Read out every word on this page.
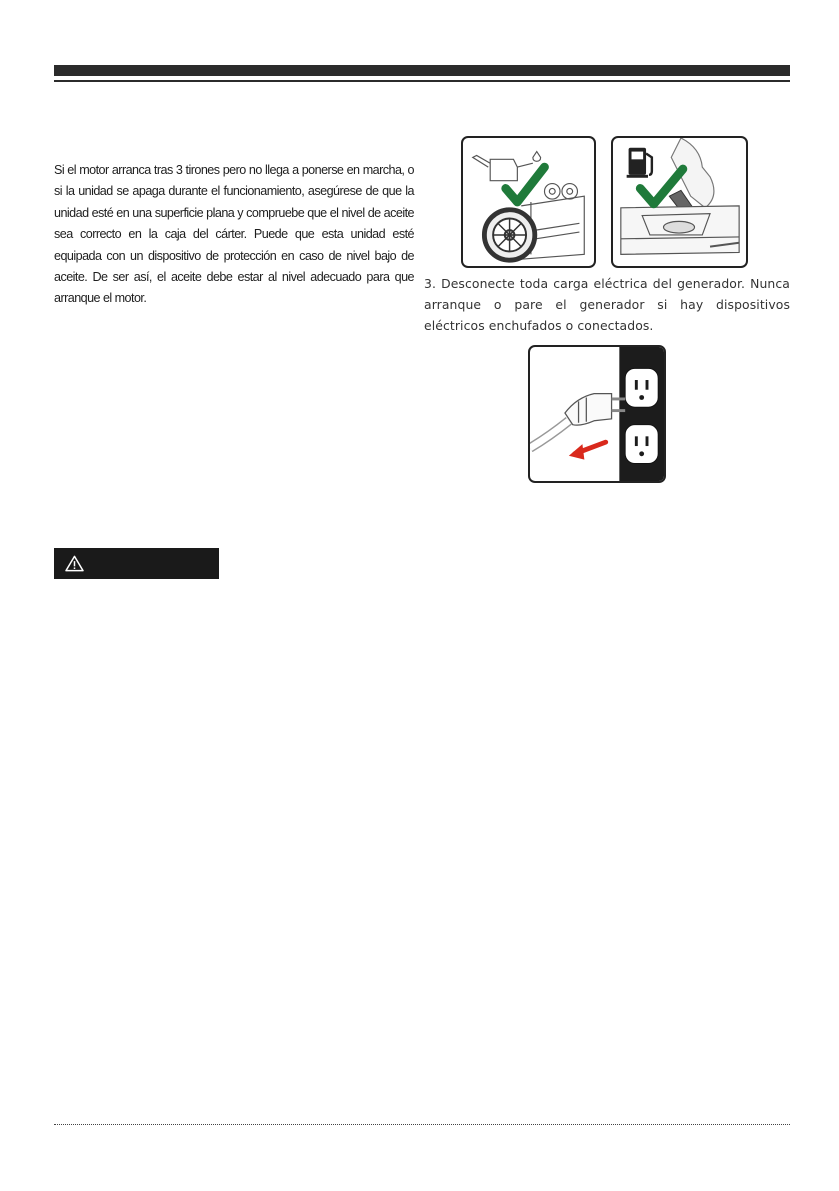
Si el motor arranca tras 3 tirones pero no llega a ponerse en marcha, o si la unidad se apaga durante el funcionamiento, asegúrese de que la unidad esté en una superficie plana y compruebe que el nivel de aceite sea correcto en la caja del cárter. Puede que esta unidad esté equipada con un dispositivo de protección en caso de nivel bajo de aceite. De ser así, el aceite debe estar al nivel adecuado para que arranque el motor.

3. Desconecte toda carga eléctrica del generador. Nunca arranque o pare el generador si hay dispositivos eléctricos enchufados o conectados.
